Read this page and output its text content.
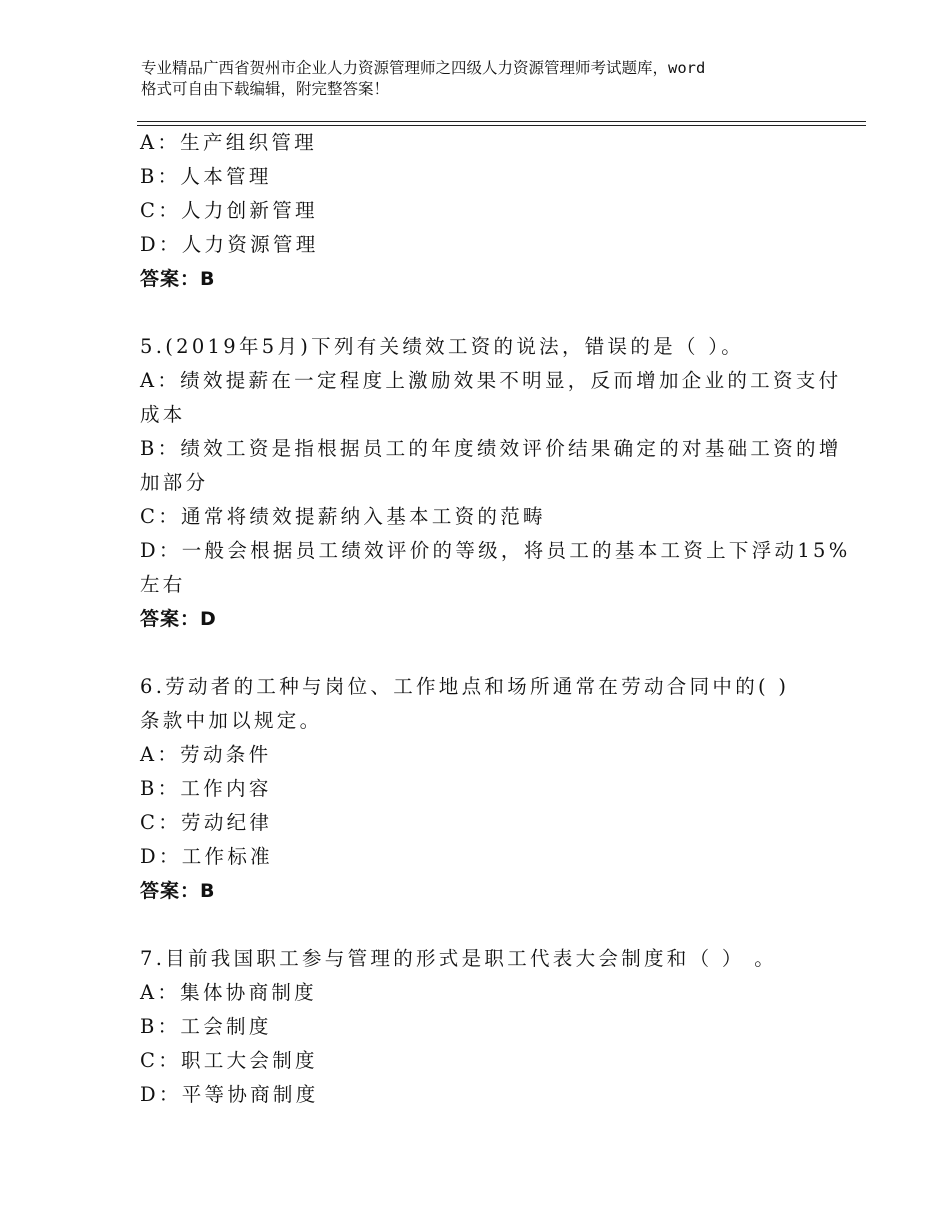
专业精品广西省贺州市企业人力资源管理师之四级人力资源管理师考试题库，word
格式可自由下载编辑，附完整答案！
A：生产组织管理
B：人本管理
C：人力创新管理
D：人力资源管理
答案：B
5.(2019年5月)下列有关绩效工资的说法，错误的是（ ）。
A：绩效提薪在一定程度上激励效果不明显，反而增加企业的工资支付
成本
B：绩效工资是指根据员工的年度绩效评价结果确定的对基础工资的增
加部分
C：通常将绩效提薪纳入基本工资的范畴
D：一般会根据员工绩效评价的等级，将员工的基本工资上下浮动15%
左右
答案：D
6.劳动者的工种与岗位、工作地点和场所通常在劳动合同中的( )
条款中加以规定。
A：劳动条件
B：工作内容
C：劳动纪律
D：工作标准
答案：B
7.目前我国职工参与管理的形式是职工代表大会制度和（ ） 。
A：集体协商制度
B：工会制度
C：职工大会制度
D：平等协商制度
